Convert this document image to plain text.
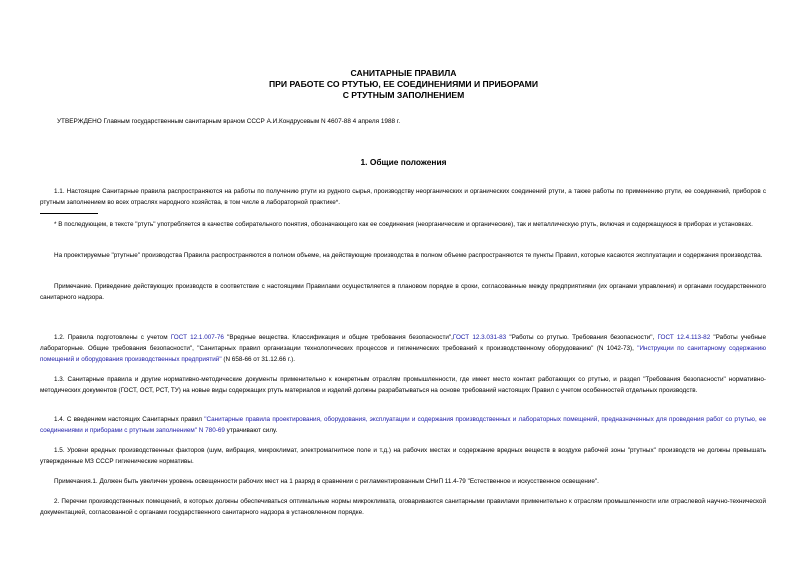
САНИТАРНЫЕ ПРАВИЛА
ПРИ РАБОТЕ СО РТУТЬЮ, ЕЕ СОЕДИНЕНИЯМИ И ПРИБОРАМИ
С РТУТНЫМ ЗАПОЛНЕНИЕМ
УТВЕРЖДЕНО Главным государственным санитарным врачом СССР А.И.Кондрусевым N 4607-88 4 апреля 1988 г.
1. Общие положения
1.1. Настоящие Санитарные правила распространяются на работы по получению ртути из рудного сырья, производству неорганических и органических соединений ртути, а также работы по применению ртути, ее соединений, приборов с ртутным заполнением во всех отраслях народного хозяйства, в том числе в лабораторной практике*.
* В последующем, в тексте "ртуть" употребляется в качестве собирательного понятия, обозначающего как ее соединения (неорганические и органические), так и металлическую ртуть, включая и содержащуюся в приборах и установках.
На проектируемые "ртутные" производства Правила распространяются в полном объеме, на действующие производства в полном объеме распространяются те пункты Правил, которые касаются эксплуатации и содержания производства.
Примечание. Приведение действующих производств в соответствие с настоящими Правилами осуществляется в плановом порядке в сроки, согласованные между предприятиями (их органами управления) и органами государственного санитарного надзора.
1.2. Правила подготовлены с учетом ГОСТ 12.1.007-76 "Вредные вещества. Классификация и общие требования безопасности",ГОСТ 12.3.031-83 "Работы со ртутью. Требования безопасности", ГОСТ 12.4.113-82 "Работы учебные лабораторные. Общие требования безопасности", "Санитарных правил организации технологических процессов и гигиенических требований к производственному оборудованию" (N 1042-73), "Инструкции по санитарному содержанию помещений и оборудования производственных предприятий" (N 658-66 от 31.12.66 г.).
1.3. Санитарные правила и другие нормативно-методические документы применительно к конкретным отраслям промышленности, где имеет место контакт работающих со ртутью, и раздел "Требования безопасности" нормативно-методических документов (ГОСТ, ОСТ, РСТ, ТУ) на новые виды содержащих ртуть материалов и изделий должны разрабатываться на основе требований настоящих Правил с учетом особенностей отдельных производств.
1.4. С введением настоящих Санитарных правил "Санитарные правила проектирования, оборудования, эксплуатации и содержания производственных и лабораторных помещений, предназначенных для проведения работ со ртутью, ее соединениями и приборами с ртутным заполнением" N 780-69 утрачивают силу.
1.5. Уровни вредных производственных факторов (шум, вибрация, микроклимат, электромагнитное поле и т.д.) на рабочих местах и содержание вредных веществ в воздухе рабочей зоны "ртутных" производств не должны превышать утвержденные МЗ СССР гигиенические нормативы.
Примечания.1. Должен быть увеличен уровень освещенности рабочих мест на 1 разряд в сравнении с регламентированным СНиП 11.4-79 "Естественное и искусственное освещение".
2. Перечни производственных помещений, в которых должны обеспечиваться оптимальные нормы микроклимата, оговариваются санитарными правилами применительно к отраслям промышленности или отраслевой научно-технической документацией, согласованной с органами государственного санитарного надзора в установленном порядке.
